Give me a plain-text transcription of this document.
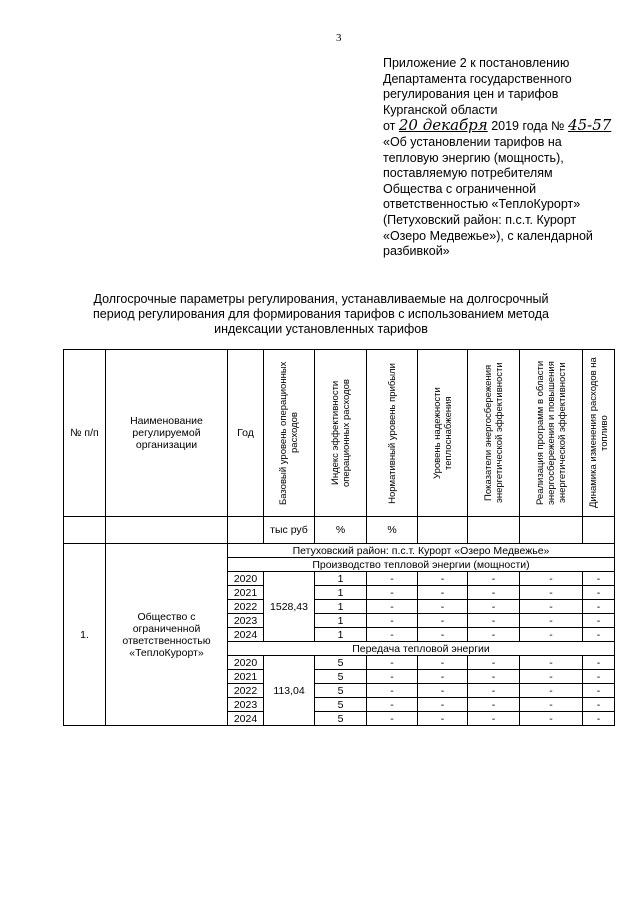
3
Приложение 2 к постановлению
Департамента государственного
регулирования цен и тарифов
Курганской области
от 20 декабря 2019 года № 45-57
«Об установлении тарифов на
тепловую энергию (мощность),
поставляемую потребителям
Общества с ограниченной
ответственностью «ТеплоКурорт»
(Петуховский район: п.с.т. Курорт
«Озеро Медвежье»), с календарной
разбивкой»
Долгосрочные параметры регулирования, устанавливаемые на долгосрочный
период регулирования для формирования тарифов с использованием метода
индексации установленных тарифов
№ п/п	Наименование регулируемой организации	Год	Базовый уровень операционных расходов	Индекс эффективности операционных расходов	Нормативный уровень прибыли	Уровень надежности теплоснабжения	Показатели энергосбережения энергетической эффективности	Реализация программ в области энергосбережения и повышения энергетической эффективности	Динамика изменения расходов на топливо

			тыс руб	%	%				
1.	Общество с ограниченной ответственностью «ТеплоКурорт»	Петуховский район: п.с.т. Курорт «Озеро Медвежье»							
		Производство тепловой энергии (мощности)							
		2020	1528,43	1	-	-	-	-	-
		2021		1	-	-	-	-	-
		2022		1	-	-	-	-	-
		2023		1	-	-	-	-	-
		2024		1	-	-	-	-	-
		Передача тепловой энергии							
		2020	113,04	5	-	-	-	-	-
		2021		5	-	-	-	-	-
		2022		5	-	-	-	-	-
		2023		5	-	-	-	-	-
		2024		5	-	-	-	-	-
